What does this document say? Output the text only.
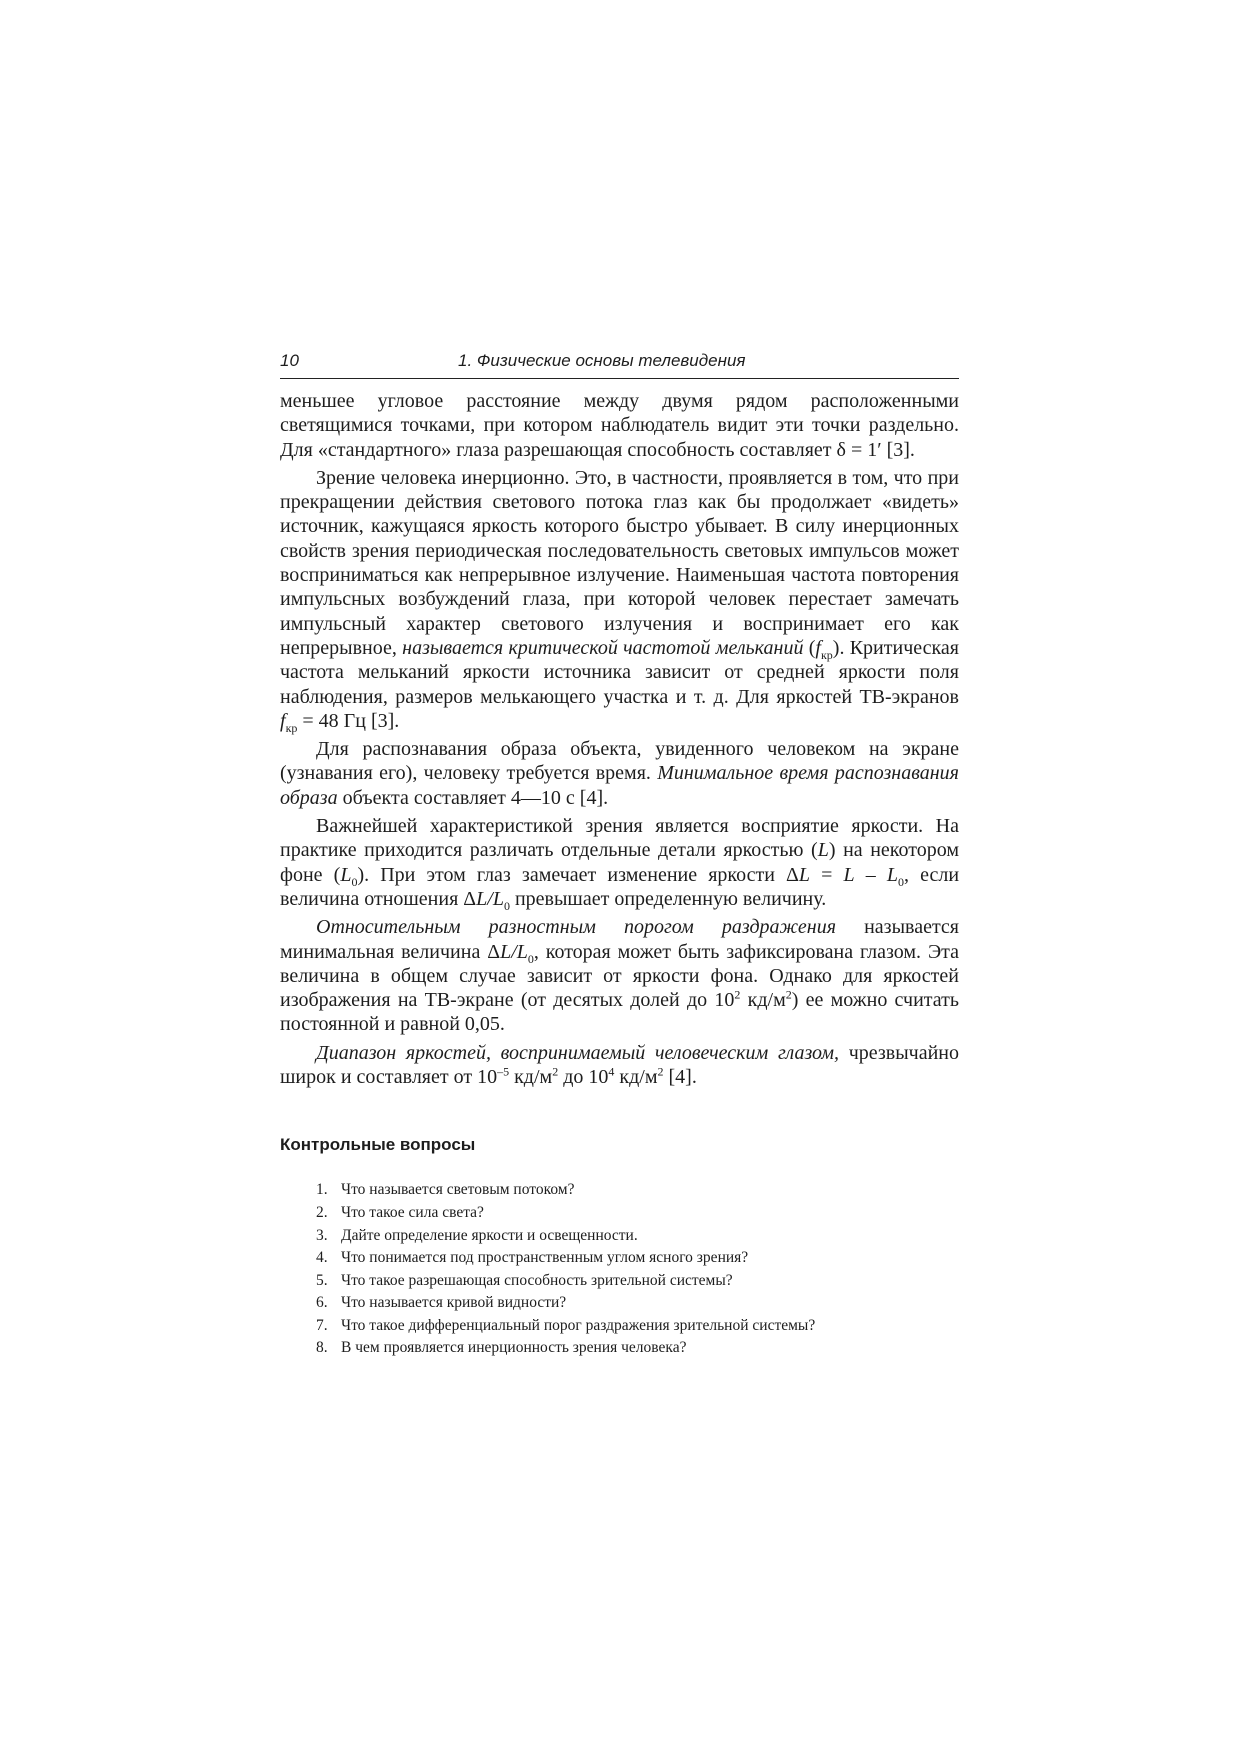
10	1. Физические основы телевидения

меньшее угловое расстояние между двумя рядом расположенными светящимися точками, при котором наблюдатель видит эти точки раздельно. Для «стандартного» глаза разрешающая способность составляет δ = 1′ [3].

Зрение человека инерционно. Это, в частности, проявляется в том, что при прекращении действия светового потока глаз как бы продолжает «видеть» источник, кажущаяся яркость которого быстро убывает. В силу инерционных свойств зрения периодическая последовательность световых импульсов может восприниматься как непрерывное излучение. Наименьшая частота повторения импульсных возбуждений глаза, при которой человек перестает замечать импульсный характер светового излучения и воспринимает его как непрерывное, называется критической частотой мельканий $(f_{кр})$. Критическая частота мельканий яркости источника зависит от средней яркости поля наблюдения, размеров мелькающего участка и т. д. Для яркостей ТВ-экранов $f_{кр} = 48$ Гц [3].

Для распознавания образа объекта, увиденного человеком на экране (узнавания его), человеку требуется время. Минимальное время распознавания образа объекта составляет 4—10 с [4].

Важнейшей характеристикой зрения является восприятие яркости. На практике приходится различать отдельные детали яркостью (L) на некотором фоне $(L_0)$. При этом глаз замечает изменение яркости $\Delta L = L - L_0$, если величина отношения $\Delta L/L_0$ превышает определенную величину.

Относительным разностным порогом раздражения называется минимальная величина $\Delta L/L_0$, которая может быть зафиксирована глазом. Эта величина в общем случае зависит от яркости фона. Однако для яркостей изображения на ТВ-экране (от десятых долей до $10^2$ $кд/м^2$) ее можно считать постоянной и равной 0,05.

Диапазон яркостей, воспринимаемый человеческим глазом, чрезвычайно широк и составляет от $10^{-5}$ $кд/м^2$ до $10^4$ $кд/м^2$ [4].

Контрольные вопросы
1. Что называется световым потоком?
2. Что такое сила света?
3. Дайте определение яркости и освещенности.
4. Что понимается под пространственным углом ясного зрения?
5. Что такое разрешающая способность зрительной системы?
6. Что называется кривой видности?
7. Что такое дифференциальный порог раздражения зрительной системы?
8. В чем проявляется инерционность зрения человека?
